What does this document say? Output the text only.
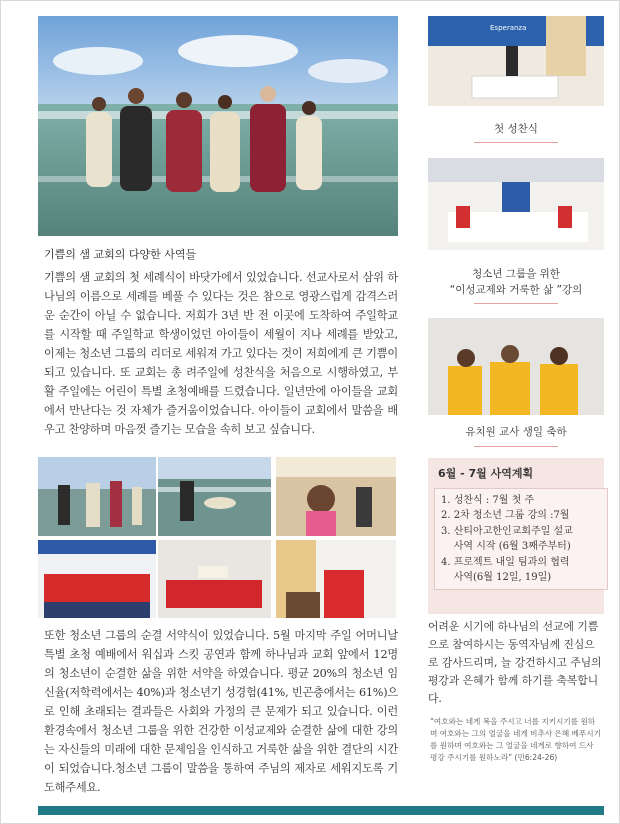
기쁨의 샘 교회의 다양한 사역들

기쁨의 샘 교회의 첫 세례식이 바닷가에서 있었습니다. 선교사로서 삼위 하나님의 이름으로 세례를 베풀 수 있다는 것은 참으로 영광스럽게 감격스러운 순간이 아닐 수 없습니다. 저희가 3년 반 전 이곳에 도착하여 주일학교를 시작할 때 주일학교 학생이었던 아이들이 세월이 지나 세례를 받았고, 이제는 청소년 그룹의 리더로 세워져 가고 있다는 것이 저희에게 큰 기쁨이 되고 있습니다. 또 교회는 총 려주일에 성찬식을 처음으로 시행하였고, 부활 주일에는 어린이 특별 초청예배를 드렸습니다. 일년만에 아이들을 교회에서 만난다는 것 자체가 즐거움이었습니다. 아이들이 교회에서 말씀을 배우고 찬양하며 마음껏 즐기는 모습을 속히 보고 싶습니다.

또한 청소년 그룹의 순결 서약식이 있었습니다. 5월 마지막 주일 어머니날 특별 초청 예배에서 워십과 스킷 공연과 함께 하나님과 교회 앞에서 12명의 청소년이 순결한 삶을 위한 서약을 하였습니다. 평균 20%의 청소년 임신율(저학력에서는 40%)과 청소년기 성경험(41%, 빈곤층에서는 61%)으로 인해 초래되는 결과들은 사회와 가정의 큰 문제가 되고 있습니다. 이런 환경속에서 청소년 그룹을 위한 건강한 이성교제와 순결한 삶에 대한 강의는 자신들의 미래에 대한 문제임을 인식하고 거룩한 삶을 위한 결단의 시간이 되었습니다.청소년 그룹이 말씀을 통하여 주님의 제자로 세워지도록 기도해주세요.

Esperanza
첫 성찬식
청소년 그룹을 위한
“이성교제와 거룩한 삶 ”강의
유치원 교사 생일 축하
6월 - 7월 사역계획
1. 성찬식 : 7월 첫 주
2. 2차 청소년 그룹 강의 :7월
3. 산티아고한인교회주일 설교
사역 시작 (6월 3째주부터)
4. 프로젝트 내일 팀과의 협력
사역(6월 12일, 19일)

어려운 시기에 하나님의 선교에 기쁨으로 참여하시는 동역자님께 진심으로 감사드리며, 늘 강건하시고 주님의 평강과 은혜가 함께 하기를 축복합니다.

“여호와는 네게 복을 주시고 너를 지키시기를 원하며 여호와는 그의 얼굴을 네게 비추사 은혜 베푸시기를 원하며 여호와는 그 얼굴을 네게로 향하여 드사 평강 주시기를 원하노라” (민6:24-26)
